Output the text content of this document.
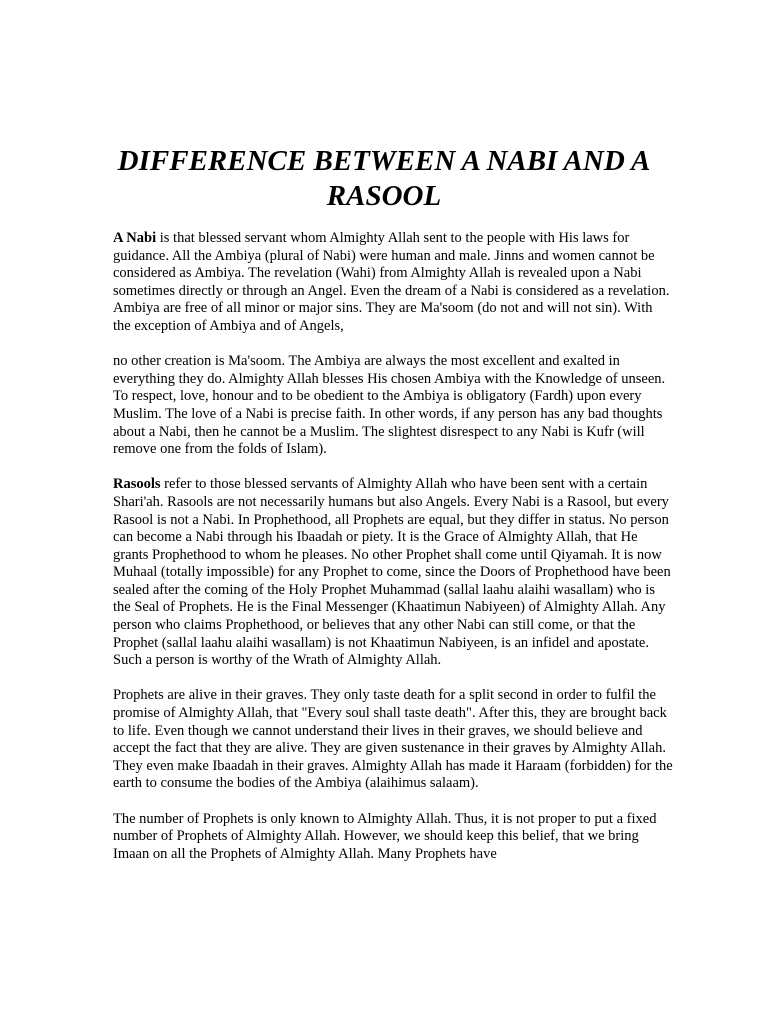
DIFFERENCE BETWEEN A NABI AND A RASOOL

A Nabi is that blessed servant whom Almighty Allah sent to the people with His laws for guidance. All the Ambiya (plural of Nabi) were human and male. Jinns and women cannot be considered as Ambiya. The revelation (Wahi) from Almighty Allah is revealed upon a Nabi sometimes directly or through an Angel. Even the dream of a Nabi is considered as a revelation. Ambiya are free of all minor or major sins. They are Ma'soom (do not and will not sin). With the exception of Ambiya and of Angels,

no other creation is Ma'soom. The Ambiya are always the most excellent and exalted in everything they do. Almighty Allah blesses His chosen Ambiya with the Knowledge of unseen. To respect, love, honour and to be obedient to the Ambiya is obligatory (Fardh) upon every Muslim. The love of a Nabi is precise faith. In other words, if any person has any bad thoughts about a Nabi, then he cannot be a Muslim. The slightest disrespect to any Nabi is Kufr (will remove one from the folds of Islam).

Rasools refer to those blessed servants of Almighty Allah who have been sent with a certain Shari'ah. Rasools are not necessarily humans but also Angels. Every Nabi is a Rasool, but every Rasool is not a Nabi. In Prophethood, all Prophets are equal, but they differ in status. No person can become a Nabi through his Ibaadah or piety. It is the Grace of Almighty Allah, that He grants Prophethood to whom he pleases. No other Prophet shall come until Qiyamah. It is now Muhaal (totally impossible) for any Prophet to come, since the Doors of Prophethood have been sealed after the coming of the Holy Prophet Muhammad (sallal laahu alaihi wasallam) who is the Seal of Prophets. He is the Final Messenger (Khaatimun Nabiyeen) of Almighty Allah. Any person who claims Prophethood, or believes that any other Nabi can still come, or that the Prophet (sallal laahu alaihi wasallam) is not Khaatimun Nabiyeen, is an infidel and apostate. Such a person is worthy of the Wrath of Almighty Allah.

Prophets are alive in their graves. They only taste death for a split second in order to fulfil the promise of Almighty Allah, that "Every soul shall taste death". After this, they are brought back to life. Even though we cannot understand their lives in their graves, we should believe and accept the fact that they are alive. They are given sustenance in their graves by Almighty Allah. They even make Ibaadah in their graves. Almighty Allah has made it Haraam (forbidden) for the earth to consume the bodies of the Ambiya (alaihimus salaam).

The number of Prophets is only known to Almighty Allah. Thus, it is not proper to put a fixed number of Prophets of Almighty Allah. However, we should keep this belief, that we bring Imaan on all the Prophets of Almighty Allah. Many Prophets have
